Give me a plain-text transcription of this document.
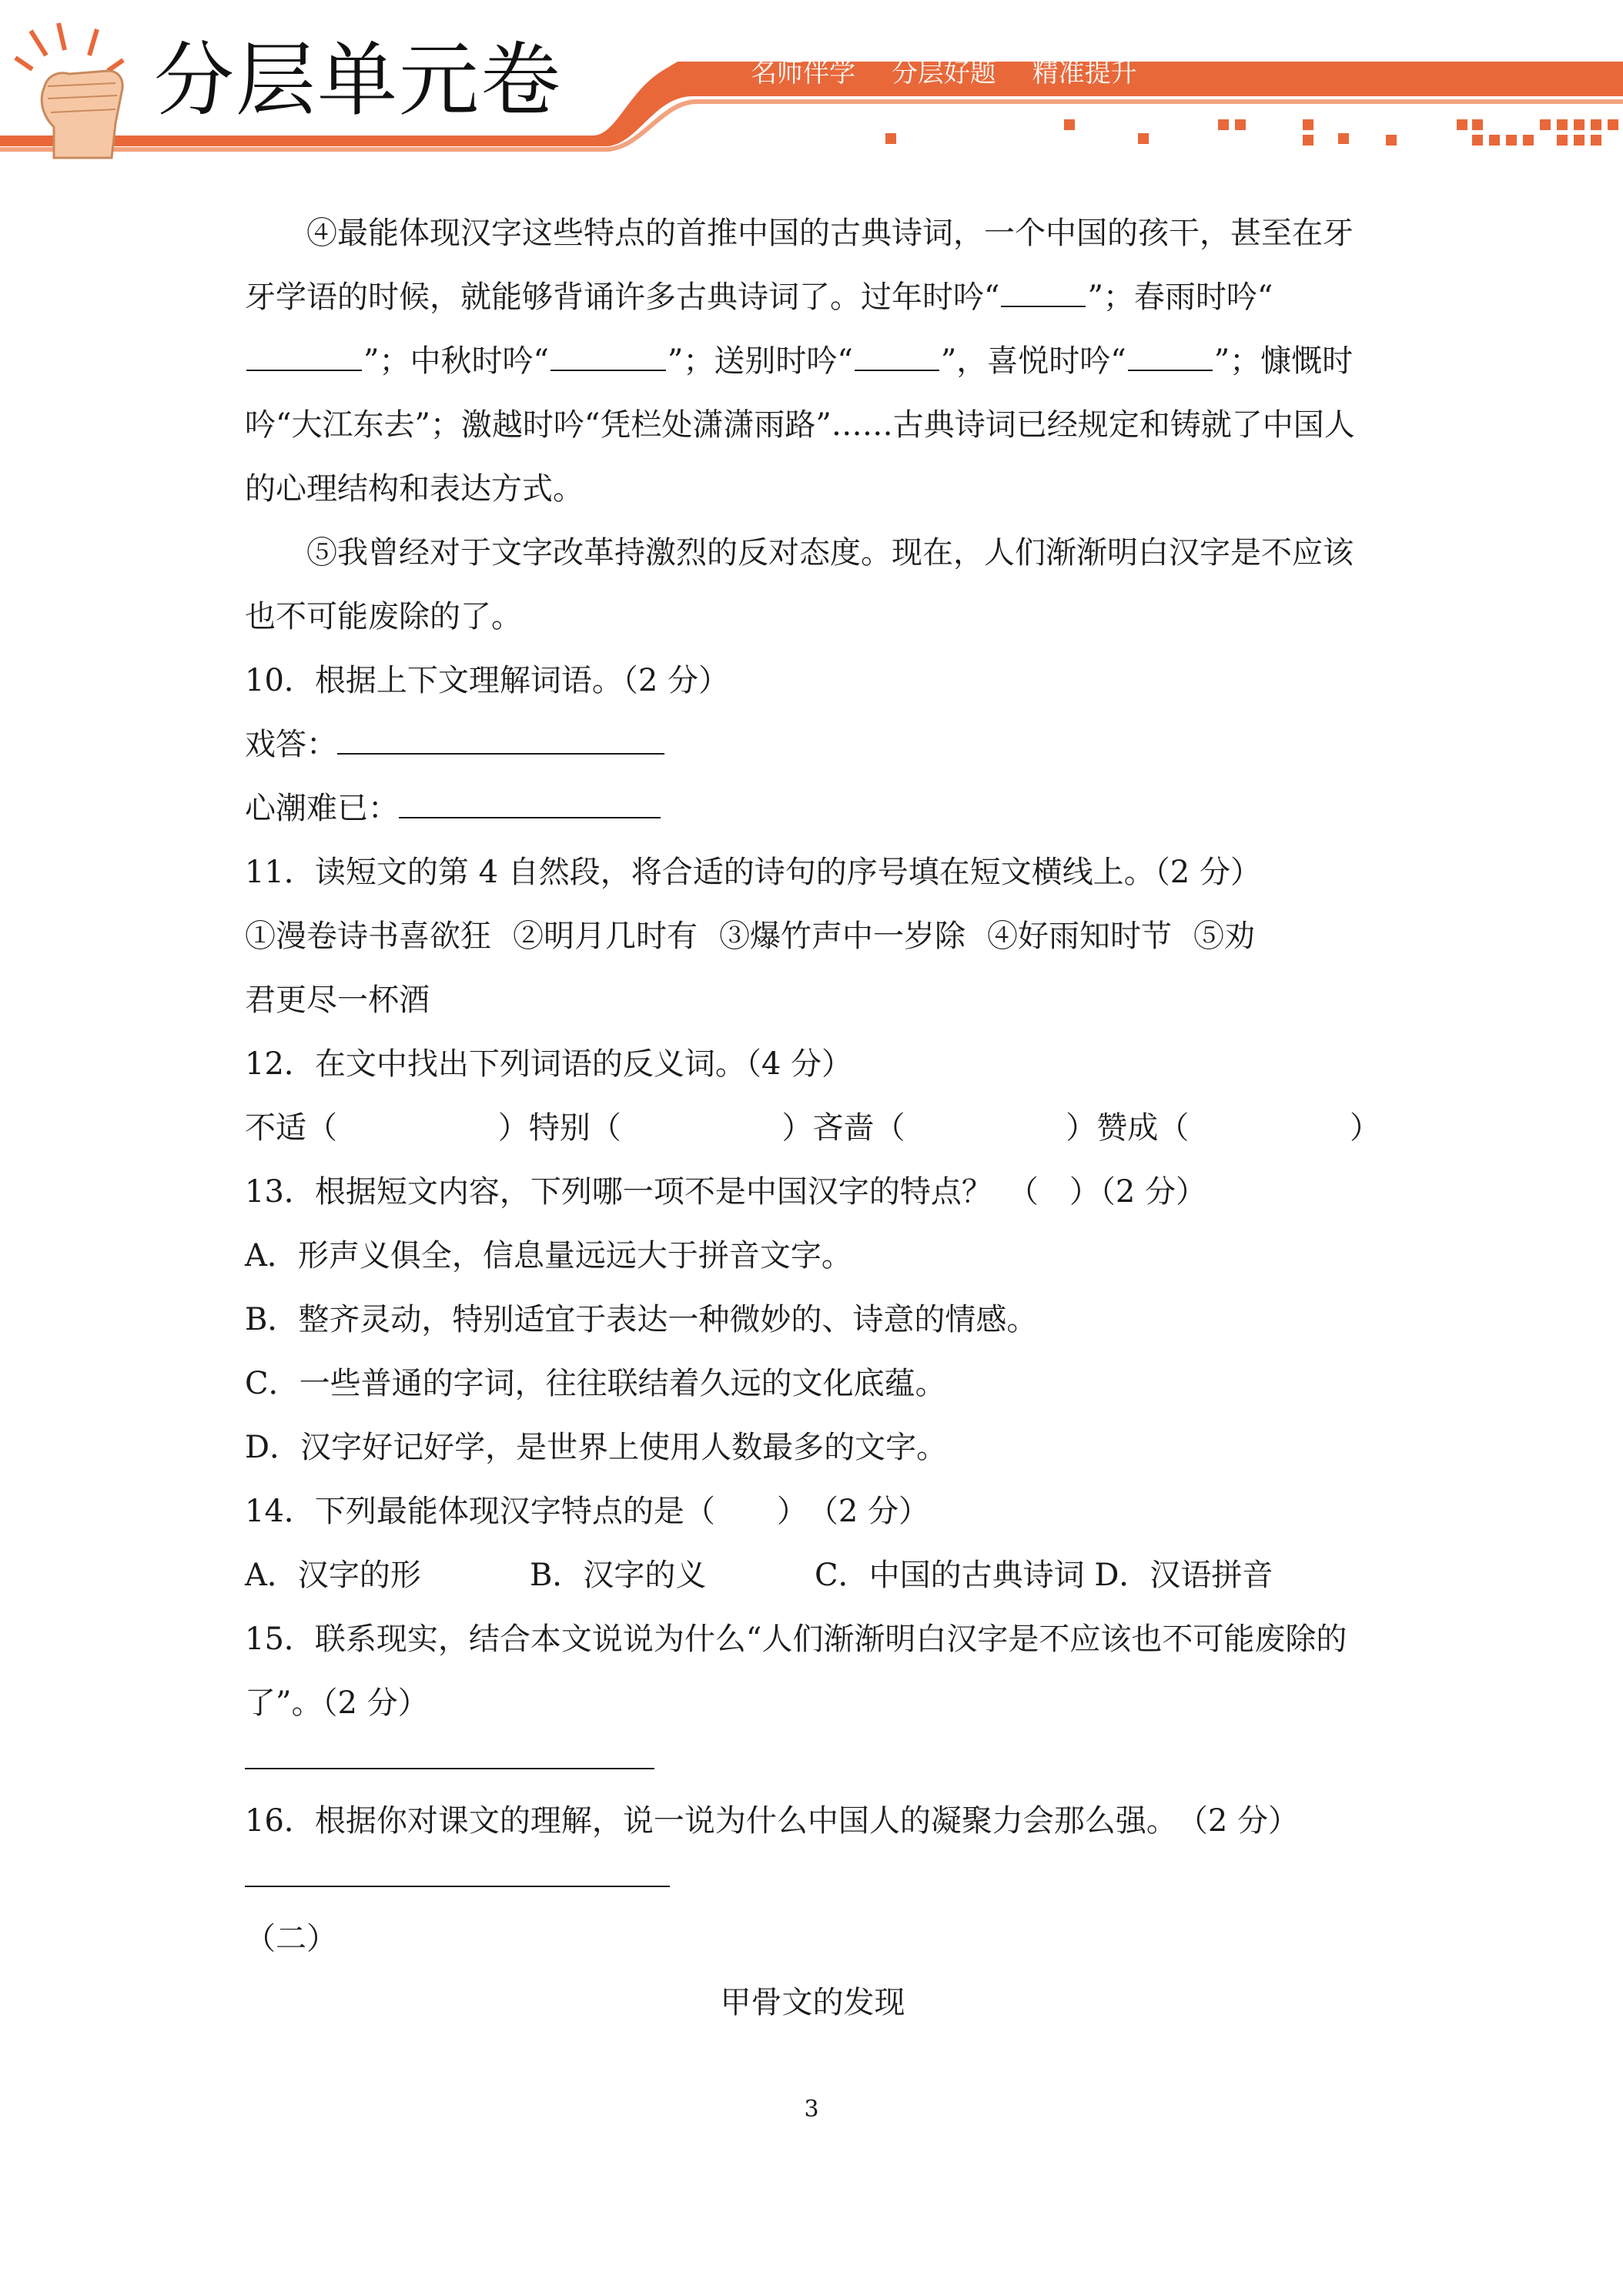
分层单元卷	名师伴学 分层好题 精准提升

④最能体现汉字这些特点的首推中国的古典诗词，一个中国的孩干，甚至在牙牙学语的时候，就能够背诵许多古典诗词了。过年时吟“	”；春雨时吟“”；中秋时吟“	”；送别时吟“	”，喜悦时吟“	”；慷慨时吟“大江东去”；激越时吟“凭栏处潇潇雨路”……古典诗词已经规定和铸就了中国人的心理结构和表达方式。

⑤我曾经对于文字改革持激烈的反对态度。现在，人们渐渐明白汉字是不应该也不可能废除的了。

10．根据上下文理解词语。（2 分）

戏答：

心潮难已：

11．读短文的第 4 自然段，将合适的诗句的序号填在短文横线上。（2 分）

①漫卷诗书喜欲狂 ②明月几时有 ③爆竹声中一岁除 ④好雨知时节 ⑤劝

君更尽一杯酒

12．在文中找出下列词语的反义词。（4 分）

不适（	）特别（	）吝啬（	）赞成（	）

13．根据短文内容，下列哪一项不是中国汉字的特点？　（　）（2 分）

A．形声义俱全，信息量远远大于拼音文字。

B．整齐灵动，特别适宜于表达一种微妙的、诗意的情感。

C．一些普通的字词，往往联结着久远的文化底蕴。

D．汉字好记好学，是世界上使用人数最多的文字。

14．下列最能体现汉字特点的是（　　）　（2 分）

A．汉字的形	B．汉字的义	C．中国的古典诗词 D．汉语拼音

15．联系现实，结合本文说说为什么“人们渐渐明白汉字是不应该也不可能废除的了”。（2 分）

16．根据你对课文的理解，说一说为什么中国人的凝聚力会那么强。　（2 分）

（二）

甲骨文的发现

3
